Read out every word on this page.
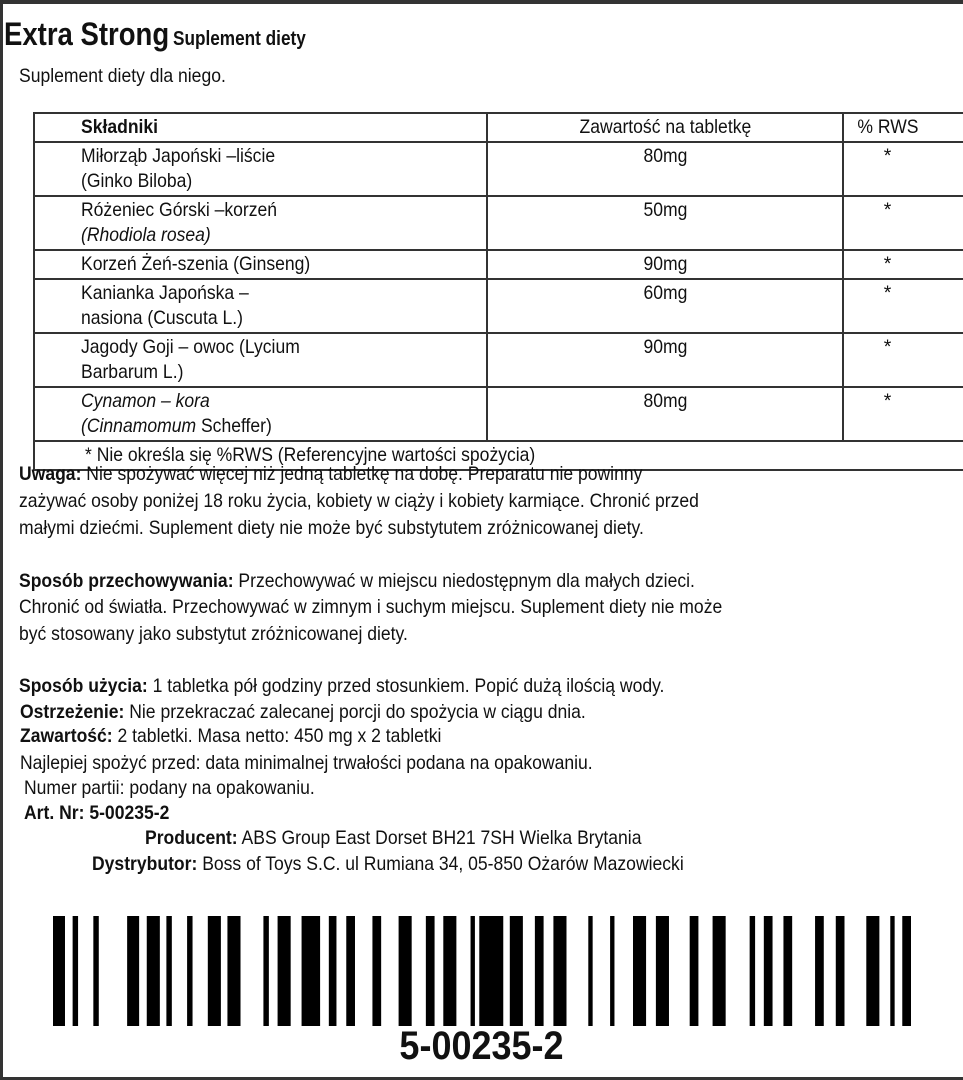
Extra Strong Suplement diety
Suplement diety dla niego.
Składniki	Zawartość na tabletkę	% RWS
Miłorząb Japoński –liście
(Ginko Biloba)	80mg	*
Różeniec Górski –korzeń
(Rhodiola rosea)	50mg	*
Korzeń Żeń-szenia (Ginseng)	90mg	*
Kanianka Japońska –
nasiona (Cuscuta L.)	60mg	*
Jagody Goji – owoc (Lycium
Barbarum L.)	90mg	*
Cynamon – kora
(Cinnamomum Scheffer)	80mg	*
* Nie określa się %RWS (Referencyjne wartości spożycia)		
Uwaga: Nie spożywać więcej niż jedną tabletkę na dobę. Preparatu nie powinny
zażywać osoby poniżej 18 roku życia, kobiety w ciąży i kobiety karmiące. Chronić przed
małymi dziećmi. Suplement diety nie może być substytutem zróżnicowanej diety.
Sposób przechowywania: Przechowywać w miejscu niedostępnym dla małych dzieci.
Chronić od światła. Przechowywać w zimnym i suchym miejscu. Suplement diety nie może
być stosowany jako substytut zróżnicowanej diety.
Sposób użycia: 1 tabletka pół godziny przed stosunkiem. Popić dużą ilością wody.
Ostrzeżenie: Nie przekraczać zalecanej porcji do spożycia w ciągu dnia.
Zawartość: 2 tabletki. Masa netto: 450 mg x 2 tabletki
Najlepiej spożyć przed: data minimalnej trwałości podana na opakowaniu.
Numer partii: podany na opakowaniu.
Art. Nr: 5-00235-2
Producent: ABS Group East Dorset BH21 7SH Wielka Brytania
Dystrybutor: Boss of Toys S.C. ul Rumiana 34, 05-850 Ożarów Mazowiecki
5-00235-2
